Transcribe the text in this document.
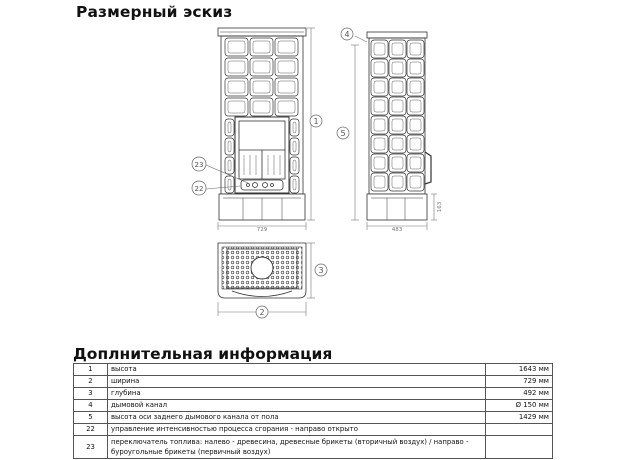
Размерный эскиз
1
23
22
729
4
5
163
483
3
2
Доплнительная информация
1	высота	1643 мм
2	ширина	729 мм
3	глубина	492 мм
4	дымовой канал	Ø 150 мм
5	высота оси заднего дымового канала от пола	1429 мм
22	управление интенсивностью процесса сгорания - направо открыто	
23	переключатель топлива: налево - древесина, древесные брикеты (вторичный воздух) / направо - буроугольные брикеты (первичный воздух)	
